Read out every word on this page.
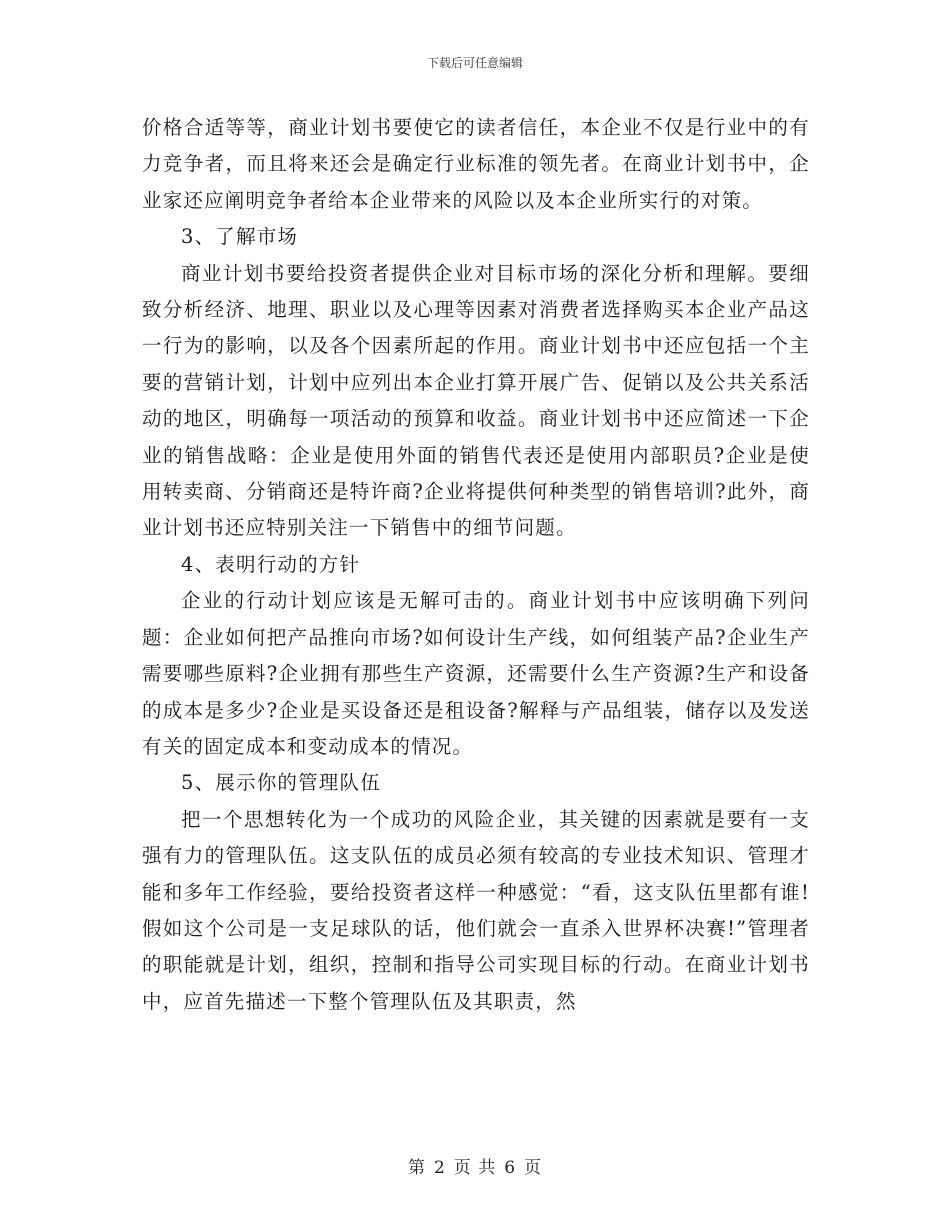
下载后可任意编辑

价格合适等等，商业计划书要使它的读者信任，本企业不仅是行业中的有力竞争者，而且将来还会是确定行业标准的领先者。在商业计划书中，企业家还应阐明竞争者给本企业带来的风险以及本企业所实行的对策。

3、了解市场

商业计划书要给投资者提供企业对目标市场的深化分析和理解。要细致分析经济、地理、职业以及心理等因素对消费者选择购买本企业产品这一行为的影响，以及各个因素所起的作用。商业计划书中还应包括一个主要的营销计划，计划中应列出本企业打算开展广告、促销以及公共关系活动的地区，明确每一项活动的预算和收益。商业计划书中还应简述一下企业的销售战略：企业是使用外面的销售代表还是使用内部职员?企业是使用转卖商、分销商还是特许商?企业将提供何种类型的销售培训?此外，商业计划书还应特别关注一下销售中的细节问题。

4、表明行动的方针

企业的行动计划应该是无解可击的。商业计划书中应该明确下列问题：企业如何把产品推向市场?如何设计生产线，如何组装产品?企业生产需要哪些原料?企业拥有那些生产资源，还需要什么生产资源?生产和设备的成本是多少?企业是买设备还是租设备?解释与产品组装，储存以及发送有关的固定成本和变动成本的情况。

5、展示你的管理队伍

把一个思想转化为一个成功的风险企业，其关键的因素就是要有一支强有力的管理队伍。这支队伍的成员必须有较高的专业技术知识、管理才能和多年工作经验，要给投资者这样一种感觉：“看，这支队伍里都有谁!假如这个公司是一支足球队的话，他们就会一直杀入世界杯决赛!”管理者的职能就是计划，组织，控制和指导公司实现目标的行动。在商业计划书中，应首先描述一下整个管理队伍及其职责，然

第 2 页 共 6 页
